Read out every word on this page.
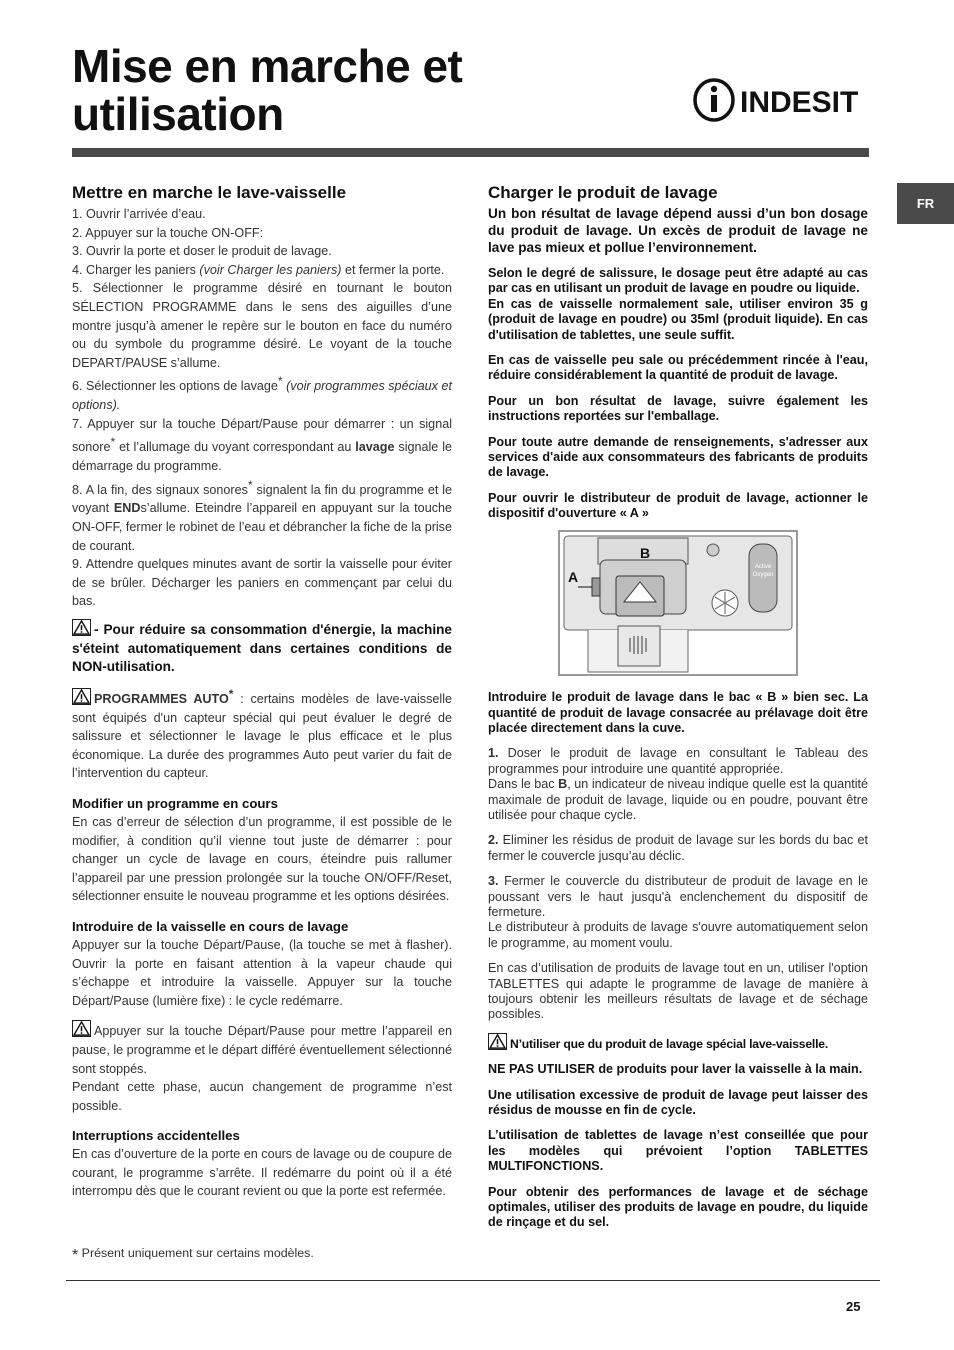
Mise en marche et
utilisation	INDESIT
FR
Mettre en marche le lave-vaisselle

1. Ouvrir l’arrivée d’eau.

2. Appuyer sur la touche ON-OFF:

3. Ouvrir la porte et doser le produit de lavage.

4. Charger les paniers (voir Charger les paniers) et fermer la porte.

5. Sélectionner le programme désiré en tournant le bouton SÉLECTION PROGRAMME dans le sens des aiguilles d’une montre jusqu’à amener le repère sur le bouton en face du numéro ou du symbole du programme désiré. Le voyant de la touche DEPART/PAUSE s’allume.

6. Sélectionner les options de lavage* (voir programmes spéciaux et options).

7. Appuyer sur la touche Départ/Pause pour démarrer : un signal sonore* et l’allumage du voyant correspondant au lavage signale le démarrage du programme.

8. A la fin, des signaux sonores* signalent la fin du programme et le voyant ENDs’allume. Eteindre l’appareil en appuyant sur la touche ON-OFF, fermer le robinet de l’eau et débrancher la fiche de la prise de courant.

9. Attendre quelques minutes avant de sortir la vaisselle pour éviter de se brûler. Décharger les paniers en commençant par celui du bas.

- Pour réduire sa consommation d'énergie, la machine s'éteint automatiquement dans certaines conditions de NON-utilisation.

PROGRAMMES AUTO* : certains modèles de lave-vaisselle sont équipés d'un capteur spécial qui peut évaluer le degré de salissure et sélectionner le lavage le plus efficace et le plus économique. La durée des programmes Auto peut varier du fait de l’intervention du capteur.

Modifier un programme en cours

En cas d’erreur de sélection d’un programme, il est possible de le modifier, à condition qu’il vienne tout juste de démarrer : pour changer un cycle de lavage en cours, éteindre puis rallumer l’appareil par une pression prolongée sur la touche ON/OFF/Reset, sélectionner ensuite le nouveau programme et les options désirées.

Introduire de la vaisselle en cours de lavage

Appuyer sur la touche Départ/Pause, (la touche se met à flasher). Ouvrir la porte en faisant attention à la vapeur chaude qui s’échappe et introduire la vaisselle. Appuyer sur la touche Départ/Pause (lumière fixe) : le cycle redémarre.

Appuyer sur la touche Départ/Pause pour mettre l’appareil en pause, le programme et le départ différé éventuellement sélectionné sont stoppés.

Pendant cette phase, aucun changement de programme n’est possible.

Interruptions accidentelles

En cas d’ouverture de la porte en cours de lavage ou de coupure de courant, le programme s’arrête. Il redémarre du point où il a été interrompu dès que le courant revient ou que la porte est refermée.

Charger le produit de lavage

Un bon résultat de lavage dépend aussi d’un bon dosage du produit de lavage. Un excès de produit de lavage ne lave pas mieux et pollue l’environnement.

Selon le degré de salissure, le dosage peut être adapté au cas par cas en utilisant un produit de lavage en poudre ou liquide.

En cas de vaisselle normalement sale, utiliser environ 35 g (produit de lavage en poudre) ou 35ml (produit liquide). En cas d'utilisation de tablettes, une seule suffit.

En cas de vaisselle peu sale ou précédemment rincée à l'eau, réduire considérablement la quantité de produit de lavage.

Pour un bon résultat de lavage, suivre également les instructions reportées sur l'emballage.

Pour toute autre demande de renseignements, s'adresser aux services d'aide aux consommateurs des fabricants de produits de lavage.

Pour ouvrir le distributeur de produit de lavage, actionner le dispositif d'ouverture « A »

Active
Oxygen
A
B

Introduire le produit de lavage dans le bac « B » bien sec. La quantité de produit de lavage consacrée au prélavage doit être placée directement dans la cuve.

1. Doser le produit de lavage en consultant le Tableau des programmes pour introduire une quantité appropriée.

Dans le bac B, un indicateur de niveau indique quelle est la quantité maximale de produit de lavage, liquide ou en poudre, pouvant être utilisée pour chaque cycle.

2. Eliminer les résidus de produit de lavage sur les bords du bac et fermer le couvercle jusqu’au déclic.

3. Fermer le couvercle du distributeur de produit de lavage en le poussant vers le haut jusqu'à enclenchement du dispositif de fermeture.

Le distributeur à produits de lavage s'ouvre automatiquement selon le programme, au moment voulu.

En cas d’utilisation de produits de lavage tout en un, utiliser l'option TABLETTES qui adapte le programme de lavage de manière à toujours obtenir les meilleurs résultats de lavage et de séchage possibles.

N’utiliser que du produit de lavage spécial lave-vaisselle.

NE PAS UTILISER de produits pour laver la vaisselle à la main.

Une utilisation excessive de produit de lavage peut laisser des résidus de mousse en fin de cycle.

L’utilisation de tablettes de lavage n’est conseillée que pour les modèles qui prévoient l’option TABLETTES MULTIFONCTIONS.

Pour obtenir des performances de lavage et de séchage optimales, utiliser des produits de lavage en poudre, du liquide de rinçage et du sel.

* Présent uniquement sur certains modèles.
25
